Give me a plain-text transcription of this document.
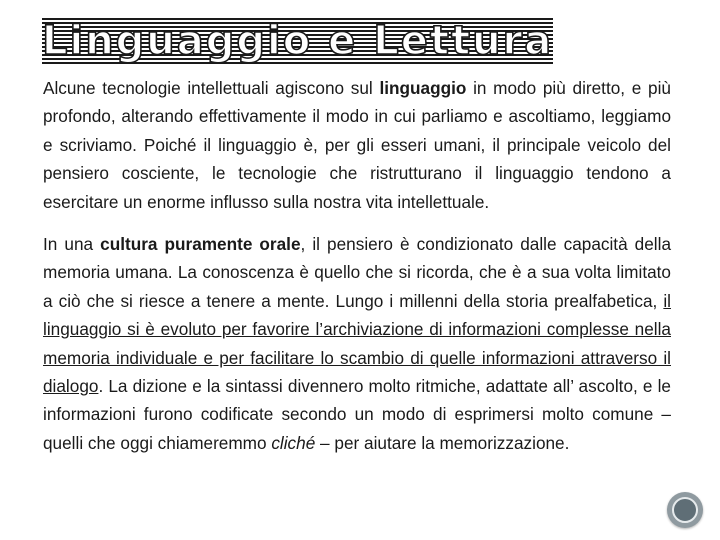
Linguaggio e Lettura

Alcune tecnologie intellettuali agiscono sul linguaggio in modo più diretto, e più profondo, alterando effettivamente il modo in cui parliamo e ascoltiamo, leggiamo e scriviamo. Poiché il linguaggio è, per gli esseri umani, il principale veicolo del pensiero cosciente, le tecnologie che ristrutturano il linguaggio tendono a esercitare un enorme influsso sulla nostra vita intellettuale.

In una cultura puramente orale, il pensiero è condizionato dalle capacità della memoria umana. La conoscenza è quello che si ricorda, che è a sua volta limitato a ciò che si riesce a tenere a mente. Lungo i millenni della storia prealfabetica, il linguaggio si è evoluto per favorire l’archiviazione di informazioni complesse nella memoria individuale e per facilitare lo scambio di quelle informazioni attraverso il dialogo. La dizione e la sintassi divennero molto ritmiche, adattate all’ ascolto, e le informazioni furono codificate secondo un modo di esprimersi molto comune – quelli che oggi chiameremmo cliché – per aiutare la memorizzazione.
